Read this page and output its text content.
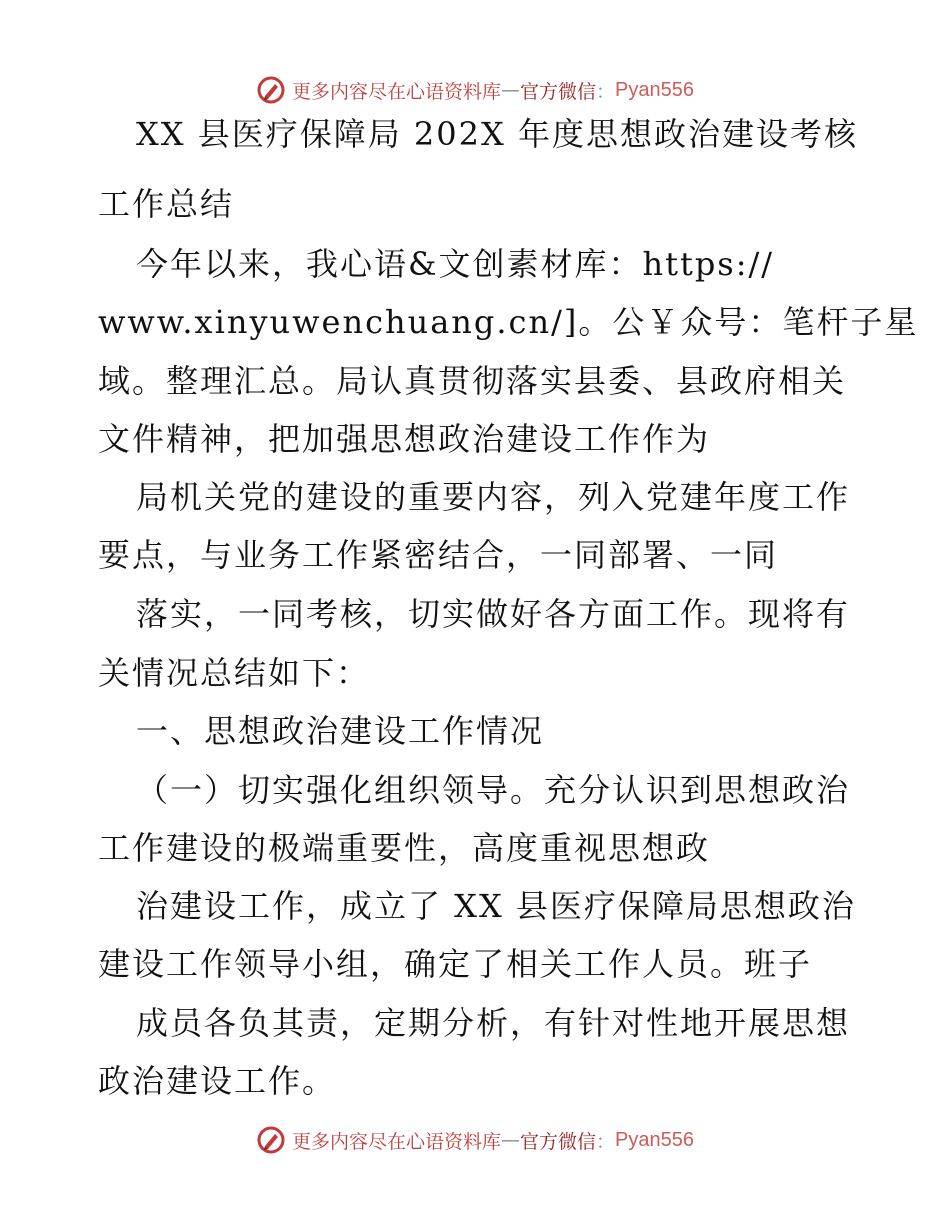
更多内容尽在心语资料库 — 官方微信 ： Pyan556
XX 县医疗保障局 202X 年度思想政治建设考核
工作总结
今年以来，我心语&文创素材库：https://
www.xinyuwenchuang.cn/]。公￥众号：笔杆子星
域。整理汇总。局认真贯彻落实县委、县政府相关
文件精神，把加强思想政治建设工作作为
局机关党的建设的重要内容，列入党建年度工作
要点，与业务工作紧密结合，一同部署、一同
落实，一同考核，切实做好各方面工作。现将有
关情况总结如下：
一、思想政治建设工作情况
（一）切实强化组织领导。充分认识到思想政治
工作建设的极端重要性，高度重视思想政
治建设工作，成立了 XX 县医疗保障局思想政治
建设工作领导小组，确定了相关工作人员。班子
成员各负其责，定期分析，有针对性地开展思想
政治建设工作。
更多内容尽在心语资料库 — 官方微信 ： Pyan556
